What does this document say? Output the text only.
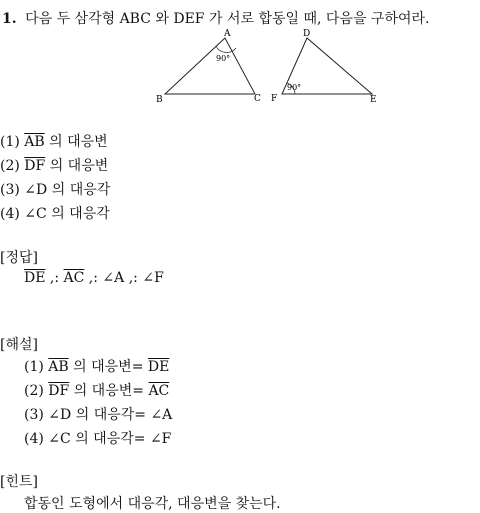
1. 다음 두 삼각형 ABC 와 DEF 가 서로 합동일 때, 다음을 구하여라.
A
B	C
D
E
F
90°
90°
(1) $\overline{AB}$ 의 대응변
(2) $\overline{DF}$ 의 대응변
(3) ∠D 의 대응각
(4) ∠C 의 대응각
[정답]
$\overline{DE}$ ,: $\overline{AC}$ ,: ∠A ,: ∠F
[해설]
(1) $\overline{AB}$ 의 대응변= $\overline{DE}$
(2) $\overline{DF}$ 의 대응변= $\overline{AC}$
(3) ∠D 의 대응각= ∠A
(4) ∠C 의 대응각= ∠F
[힌트]
합동인 도형에서 대응각, 대응변을 찾는다.
